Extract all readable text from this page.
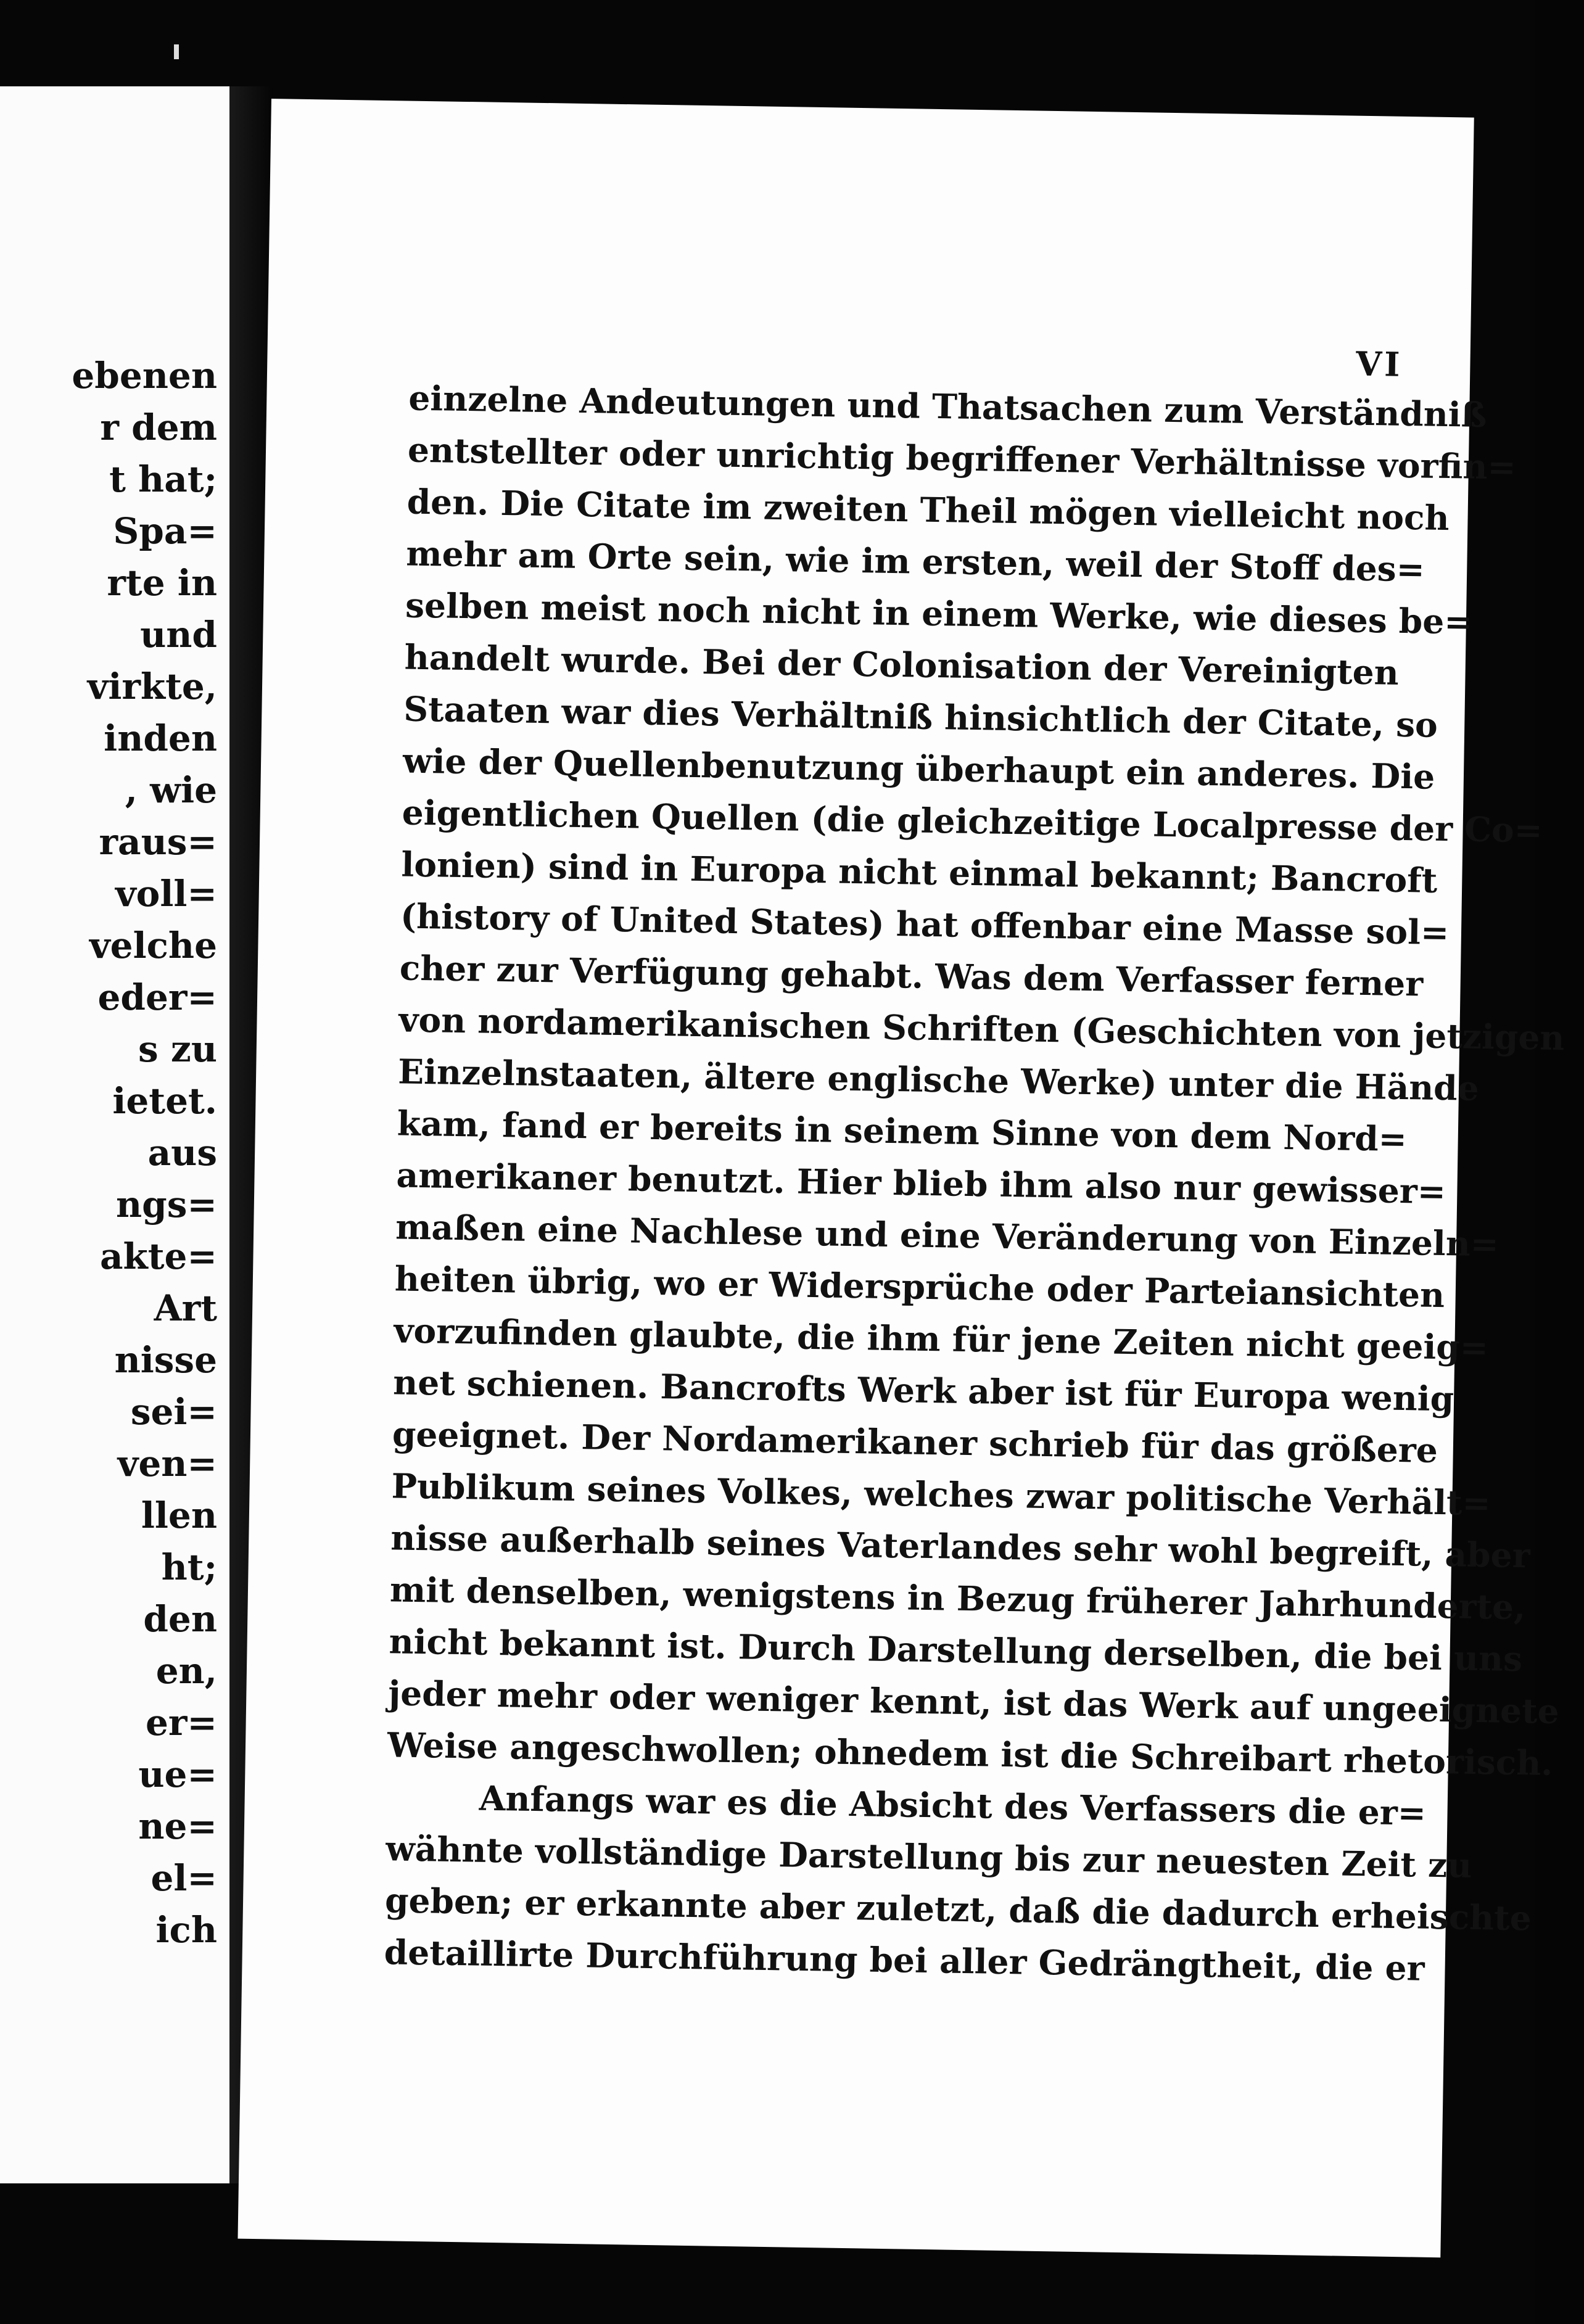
ebenen
r dem
t hat;
Spa=
rte in
und
virkte,
inden
, wie
raus=
voll=
velche
eder=
s zu
ietet.
aus
ngs=
akte=
Art
nisse
sei=
ven=
llen
ht;
den
en,
er=
ue=
ne=
el=
ich
VI
einzelne Andeutungen und Thatsachen zum Verständniß
entstellter oder unrichtig begriffener Verhältnisse vorfin=
den. Die Citate im zweiten Theil mögen vielleicht noch
mehr am Orte sein, wie im ersten, weil der Stoff des=
selben meist noch nicht in einem Werke, wie dieses be=
handelt wurde. Bei der Colonisation der Vereinigten
Staaten war dies Verhältniß hinsichtlich der Citate, so
wie der Quellenbenutzung überhaupt ein anderes. Die
eigentlichen Quellen (die gleichzeitige Localpresse der Co=
lonien) sind in Europa nicht einmal bekannt; Bancroft
(history of United States) hat offenbar eine Masse sol=
cher zur Verfügung gehabt. Was dem Verfasser ferner
von nordamerikanischen Schriften (Geschichten von jetzigen
Einzelnstaaten, ältere englische Werke) unter die Hände
kam, fand er bereits in seinem Sinne von dem Nord=
amerikaner benutzt. Hier blieb ihm also nur gewisser=
maßen eine Nachlese und eine Veränderung von Einzeln=
heiten übrig, wo er Widersprüche oder Parteiansichten
vorzufinden glaubte, die ihm für jene Zeiten nicht geeig=
net schienen. Bancrofts Werk aber ist für Europa wenig
geeignet. Der Nordamerikaner schrieb für das größere
Publikum seines Volkes, welches zwar politische Verhält=
nisse außerhalb seines Vaterlandes sehr wohl begreift, aber
mit denselben, wenigstens in Bezug früherer Jahrhunderte,
nicht bekannt ist. Durch Darstellung derselben, die bei uns
jeder mehr oder weniger kennt, ist das Werk auf ungeeignete
Weise angeschwollen; ohnedem ist die Schreibart rhetorisch.
Anfangs war es die Absicht des Verfassers die er=
wähnte vollständige Darstellung bis zur neuesten Zeit zu
geben; er erkannte aber zuletzt, daß die dadurch erheischte
detaillirte Durchführung bei aller Gedrängtheit, die er
